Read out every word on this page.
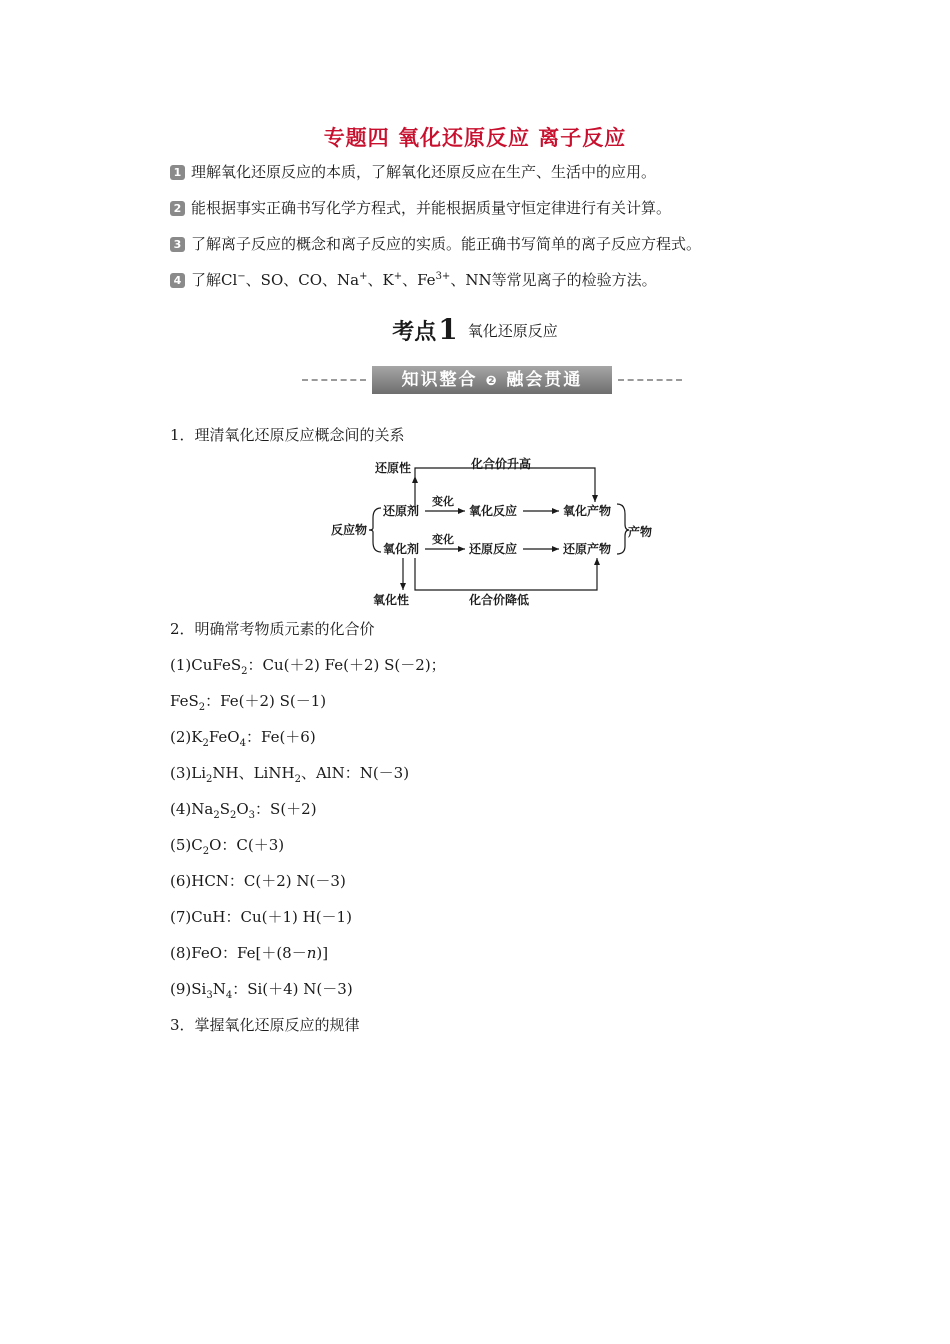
专题四 氧化还原反应 离子反应
1 理解氧化还原反应的本质，了解氧化还原反应在生产、生活中的应用。
2 能根据事实正确书写化学方程式，并能根据质量守恒定律进行有关计算。
3 了解离子反应的概念和离子反应的实质。能正确书写简单的离子反应方程式。
4 了解Cl−、SO、CO、Na+、K+、$Fe^{3+}$、NN等常见离子的检验方法。
考点1 氧化还原反应
知识整合 ❷ 融会贯通
1．理清氧化还原反应概念间的关系
还原性	化合价升高
还原剂
变化
氧化反应	氧化产物
反应物	产物
氧化剂
变化
还原反应	还原产物
氧化性	化合价降低
2．明确常考物质元素的化合价
(1)CuFeS$_2$：Cu(＋2) Fe(＋2) S(－2)；
FeS$_2$：Fe(＋2) S(－1)
$(2)K_2FeO_4$：Fe(＋6)
$(3)Li_2NH$、LiNH$_2$、AlN：N(－3)
$(4)Na_2S_2O_3$：S(＋2)
$(5)C_2O$：C(＋3)
(6)HCN：C(＋2) N(－3)
(7)CuH：Cu(＋1) H(－1)
(8)FeO：Fe[＋(8－n)]
$(9)Si_3N_4$：Si(＋4) N(－3)
3．掌握氧化还原反应的规律
